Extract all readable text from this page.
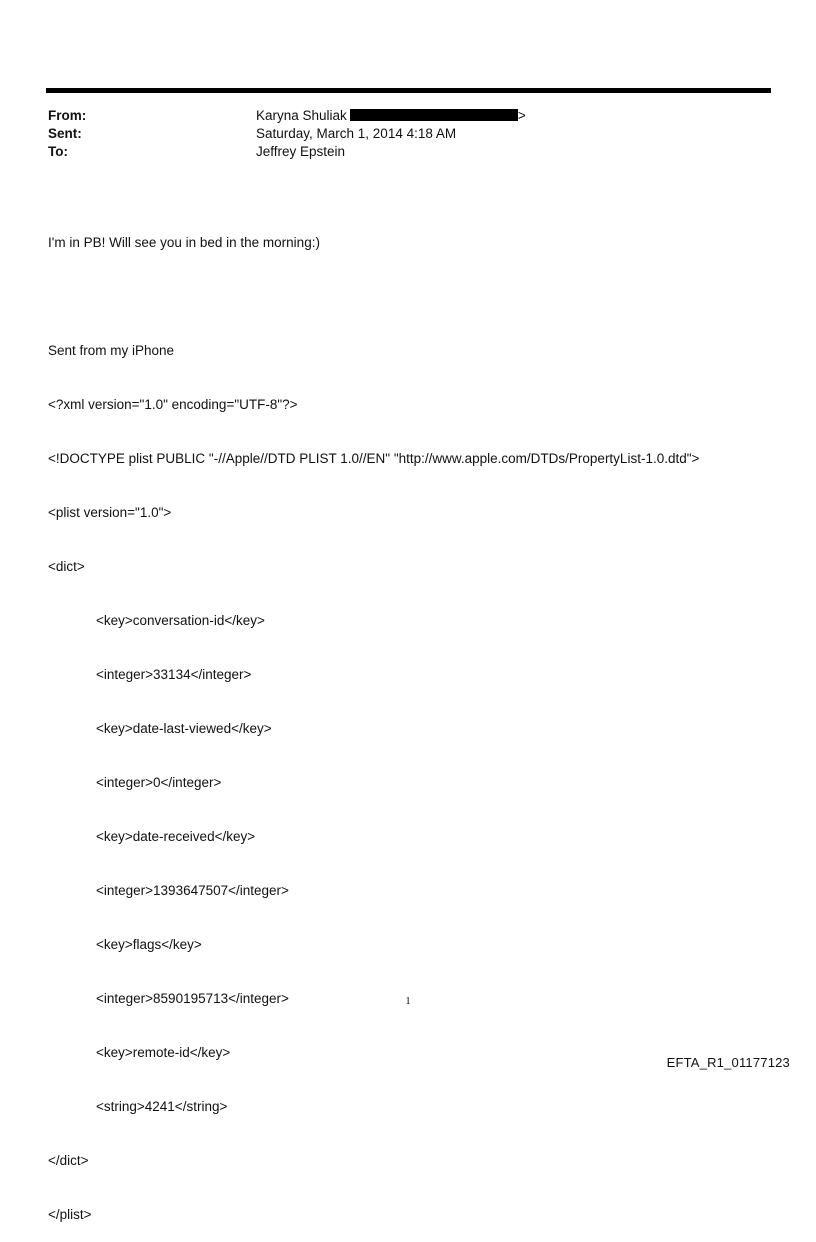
From:	Karyna Shuliak	>
Sent:	Saturday, March 1, 2014 4:18 AM
To:	Jeffrey Epstein

I'm in PB! Will see you in bed in the morning:)

Sent from my iPhone

<?xml version="1.0" encoding="UTF-8"?>

<!DOCTYPE plist PUBLIC "-//Apple//DTD PLIST 1.0//EN" "http://www.apple.com/DTDs/PropertyList-1.0.dtd">

<plist version="1.0">

<dict>

<key>conversation-id</key>

<integer>33134</integer>

<key>date-last-viewed</key>

<integer>0</integer>

<key>date-received</key>

<integer>1393647507</integer>

<key>flags</key>

<integer>8590195713</integer>

<key>remote-id</key>

<string>4241</string>

</dict>

</plist>

1
EFTA_R1_01177123
